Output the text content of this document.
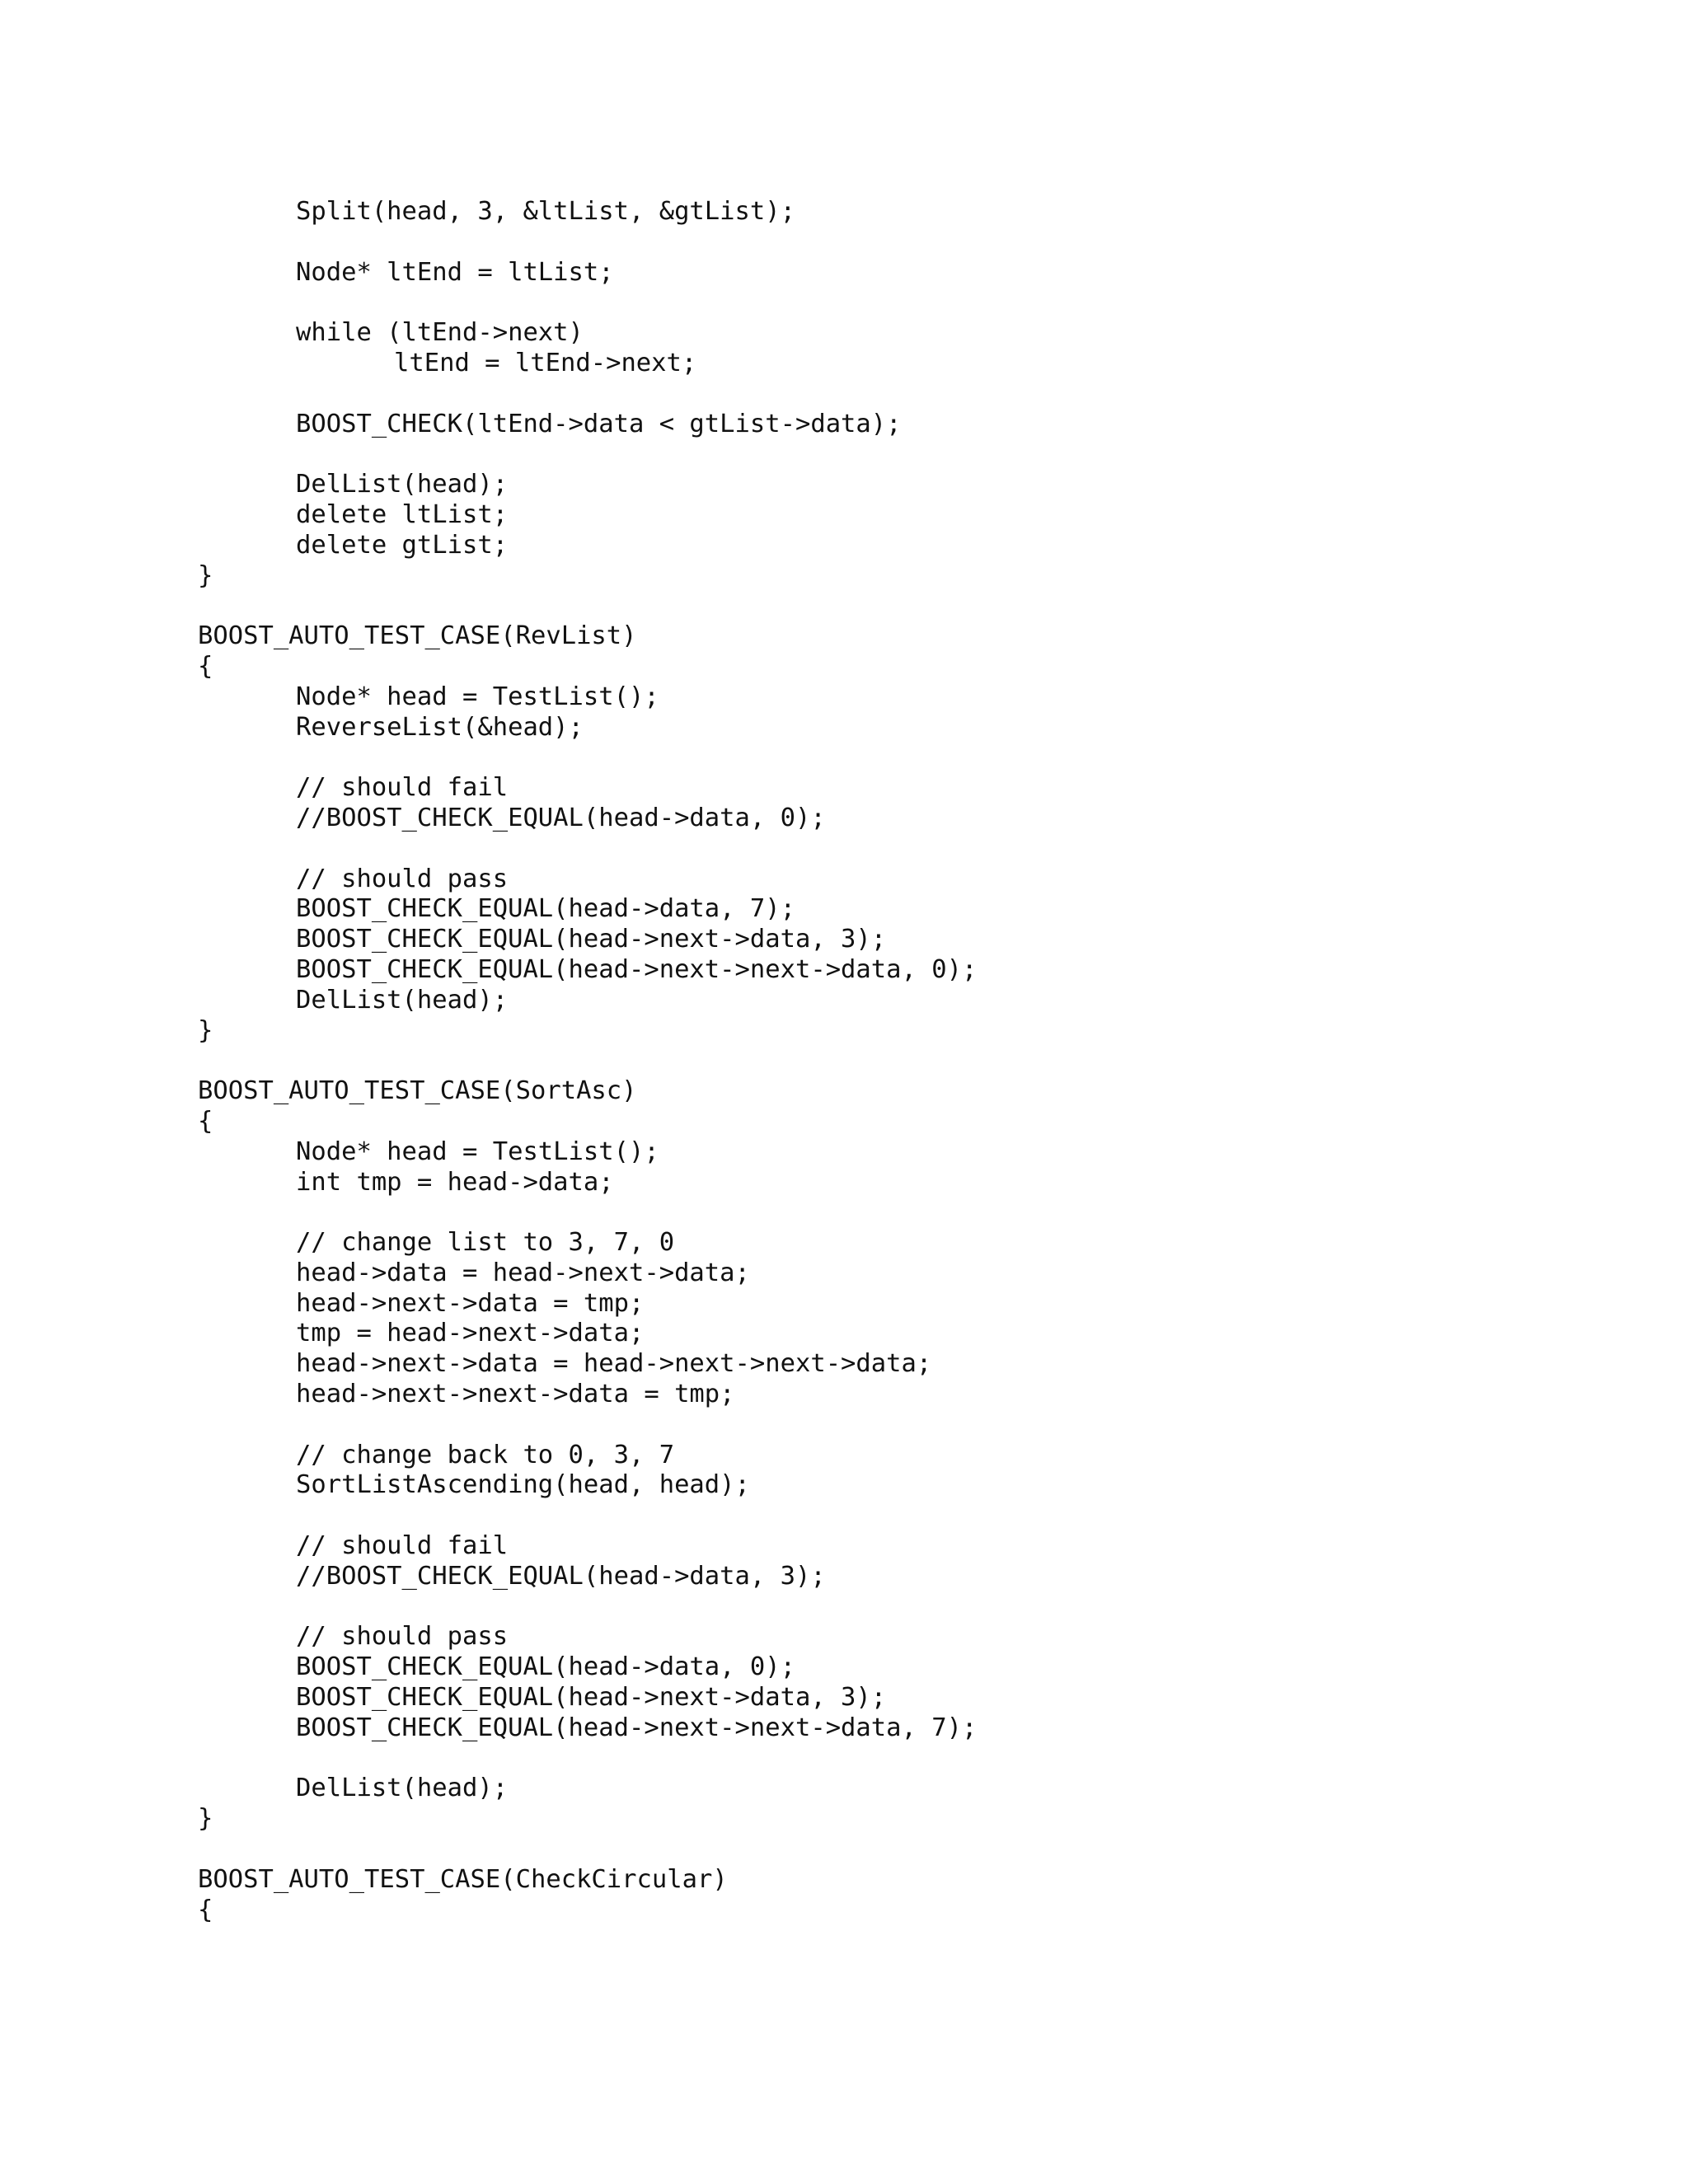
Split(head, 3, &ltList, &gtList);
Node* ltEnd = ltList;
while (ltEnd->next)
ltEnd = ltEnd->next;
BOOST_CHECK(ltEnd->data < gtList->data);
DelList(head);
delete ltList;
delete gtList;
}
BOOST_AUTO_TEST_CASE(RevList)
{
Node* head = TestList();
ReverseList(&head);
// should fail
//BOOST_CHECK_EQUAL(head->data, 0);
// should pass
BOOST_CHECK_EQUAL(head->data, 7);
BOOST_CHECK_EQUAL(head->next->data, 3);
BOOST_CHECK_EQUAL(head->next->next->data, 0);
DelList(head);
}
BOOST_AUTO_TEST_CASE(SortAsc)
{
Node* head = TestList();
int tmp = head->data;
// change list to 3, 7, 0
head->data = head->next->data;
head->next->data = tmp;
tmp = head->next->data;
head->next->data = head->next->next->data;
head->next->next->data = tmp;
// change back to 0, 3, 7
SortListAscending(head, head);
// should fail
//BOOST_CHECK_EQUAL(head->data, 3);
// should pass
BOOST_CHECK_EQUAL(head->data, 0);
BOOST_CHECK_EQUAL(head->next->data, 3);
BOOST_CHECK_EQUAL(head->next->next->data, 7);
DelList(head);
}
BOOST_AUTO_TEST_CASE(CheckCircular)
{
